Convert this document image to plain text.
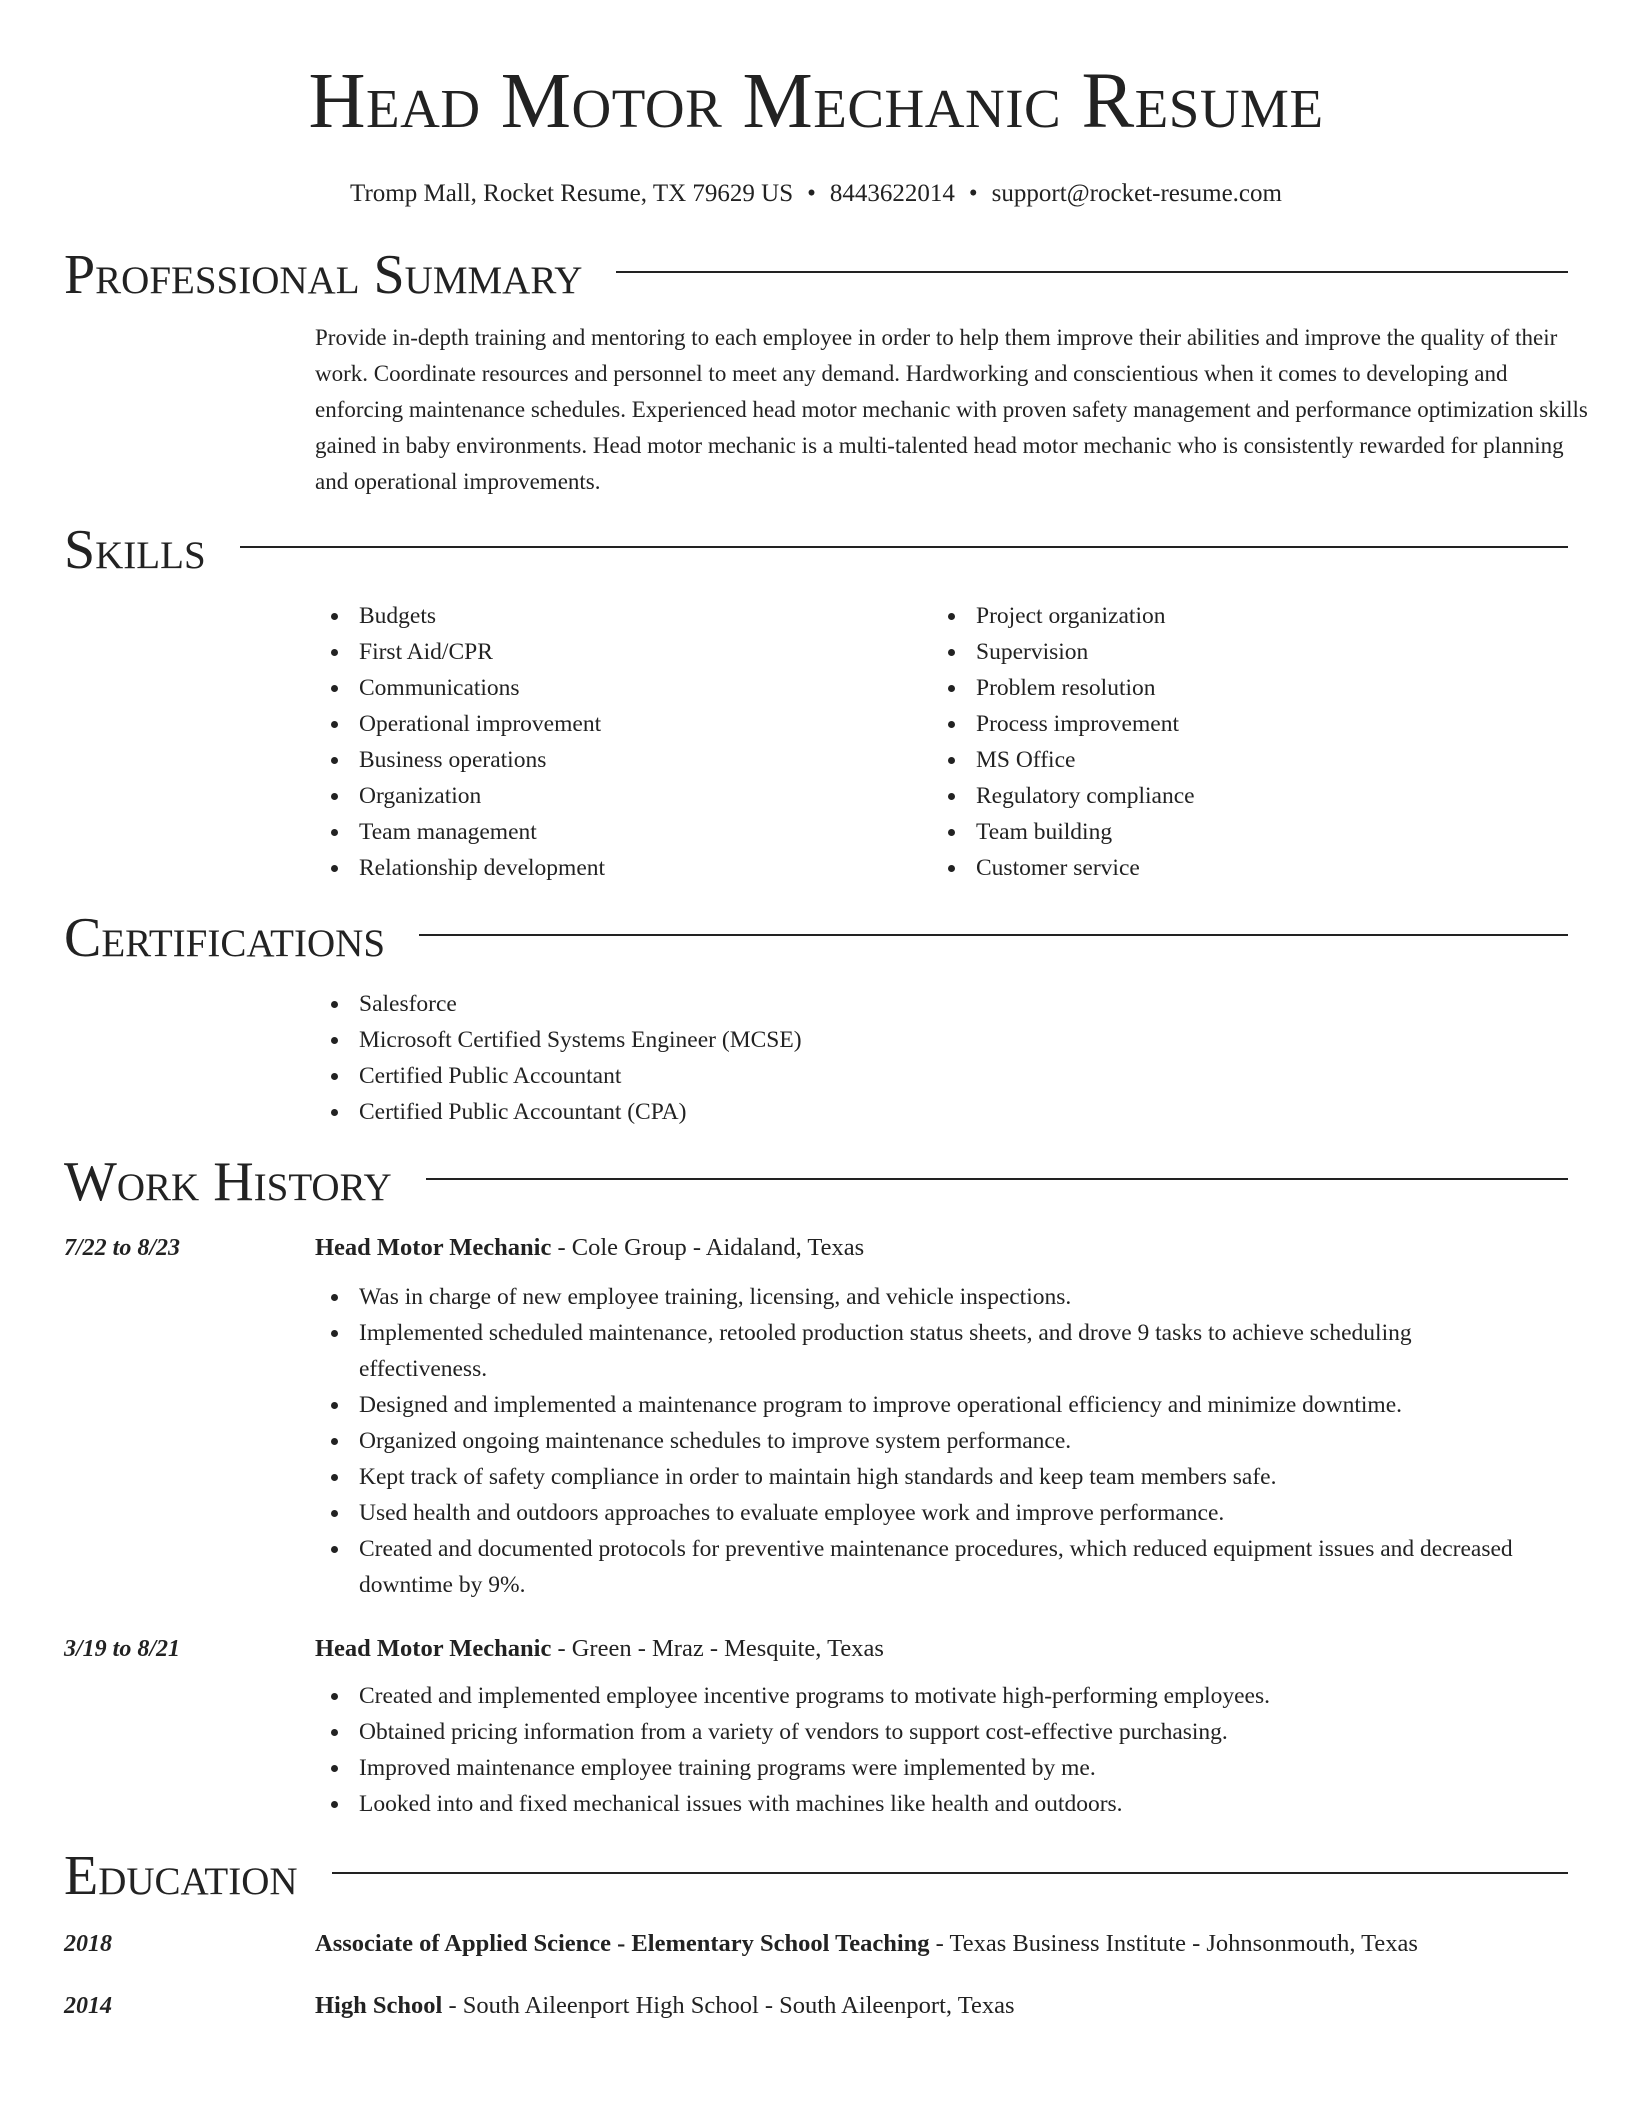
Head Motor Mechanic Resume
Tromp Mall, Rocket Resume, TX 79629 US • 8443622014 • support@rocket-resume.com
Professional Summary

Provide in-depth training and mentoring to each employee in order to help them improve their abilities and improve the quality of their work. Coordinate resources and personnel to meet any demand. Hardworking and conscientious when it comes to developing and enforcing maintenance schedules. Experienced head motor mechanic with proven safety management and performance optimization skills gained in baby environments. Head motor mechanic is a multi-talented head motor mechanic who is consistently rewarded for planning and operational improvements.

Skills
Budgets
First Aid/CPR
Communications
Operational improvement
Business operations
Organization
Team management
Relationship development
Project organization
Supervision
Problem resolution
Process improvement
MS Office
Regulatory compliance
Team building
Customer service
Certifications
Salesforce
Microsoft Certified Systems Engineer (MCSE)
Certified Public Accountant
Certified Public Accountant (CPA)
Work History
7/22 to 8/23	Head Motor Mechanic - Cole Group - Aidaland, Texas
Was in charge of new employee training, licensing, and vehicle inspections.
Implemented scheduled maintenance, retooled production status sheets, and drove 9 tasks to achieve scheduling effectiveness.
Designed and implemented a maintenance program to improve operational efficiency and minimize downtime.
Organized ongoing maintenance schedules to improve system performance.
Kept track of safety compliance in order to maintain high standards and keep team members safe.
Used health and outdoors approaches to evaluate employee work and improve performance.
Created and documented protocols for preventive maintenance procedures, which reduced equipment issues and decreased downtime by 9%.
3/19 to 8/21	Head Motor Mechanic - Green - Mraz - Mesquite, Texas
Created and implemented employee incentive programs to motivate high-performing employees.
Obtained pricing information from a variety of vendors to support cost-effective purchasing.
Improved maintenance employee training programs were implemented by me.
Looked into and fixed mechanical issues with machines like health and outdoors.
Education
2018	Associate of Applied Science - Elementary School Teaching - Texas Business Institute - Johnsonmouth, Texas
2014	High School - South Aileenport High School - South Aileenport, Texas
